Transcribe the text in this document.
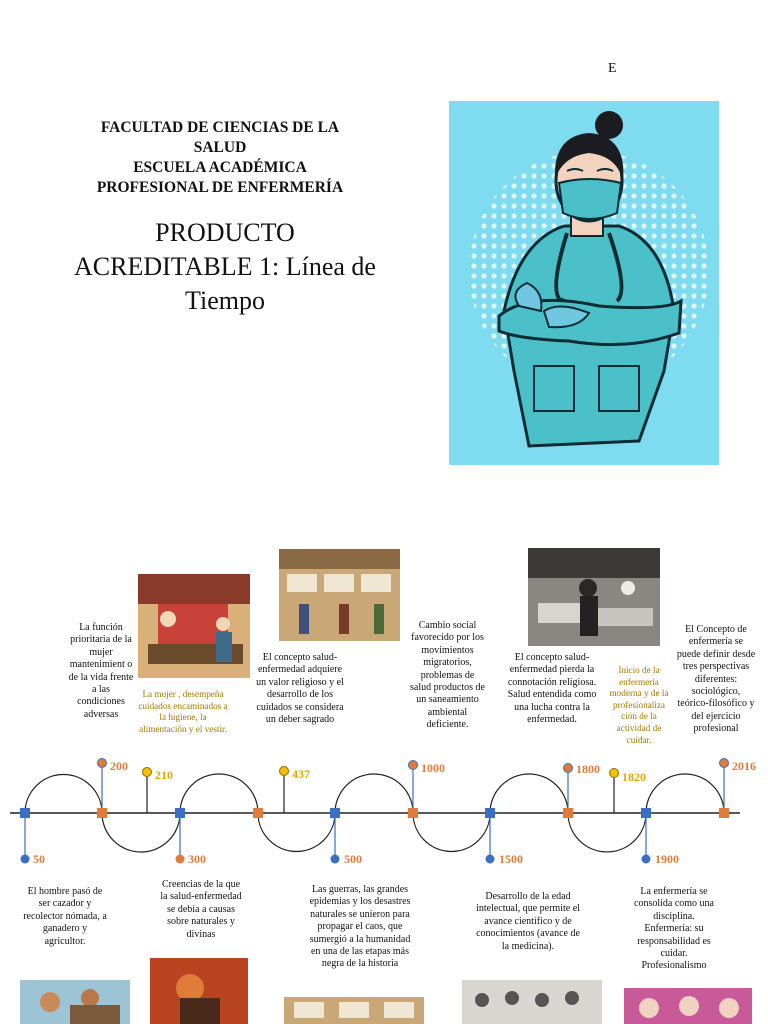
E
FACULTAD DE CIENCIAS DE LA
SALUD
ESCUELA ACADÉMICA
PROFESIONAL DE ENFERMERÍA
PRODUCTO
ACREDITABLE 1: Línea de
Tiempo
50
200
210
300
437
500
1000
1500
1800
1820
1900
2016
La función prioritaria de la mujer mantenimient o de la vida frente a las condiciones adversas
La mujer , desempeña cuidados encaminados a la higiene, la alimentación y el vestir.
El concepto salud-enfermedad adquiere un valor religioso y el desarrollo de los cuidados se considera un deber sagrado
Cambio social favorecido por los movimientos migratorios, problemas de salud productos de un saneamiento ambiental deficiente.
El concepto salud-enfermedad pierda la connotación religiosa. Salud entendida como una lucha contra la enfermedad.
Inicio de la enfermería moderna y de la profesionaliza ción de la actividad de cuidar.
El Concepto de enfermería se puede definir desde tres perspectivas diferentes: sociológico, teórico-filosófico y del ejercicio profesional
El hombre pasó de ser cazador y recolector nómada, a ganadero y agricultor.
Creencias de la que la salud-enfermedad se debía a causas sobre naturales y divinas
Las guerras, las grandes epidemias y los desastres naturales se unieron para propagar el caos, que sumergió a la humanidad en una de las etapas más negra de la historia
Desarrollo de la edad intelectual, que permite el avance científico y de conocimientos (avance de la medicina).
La enfermería se consolida como una disciplina. Enfermería: su responsabilidad es cuidar. Profesionalismo
